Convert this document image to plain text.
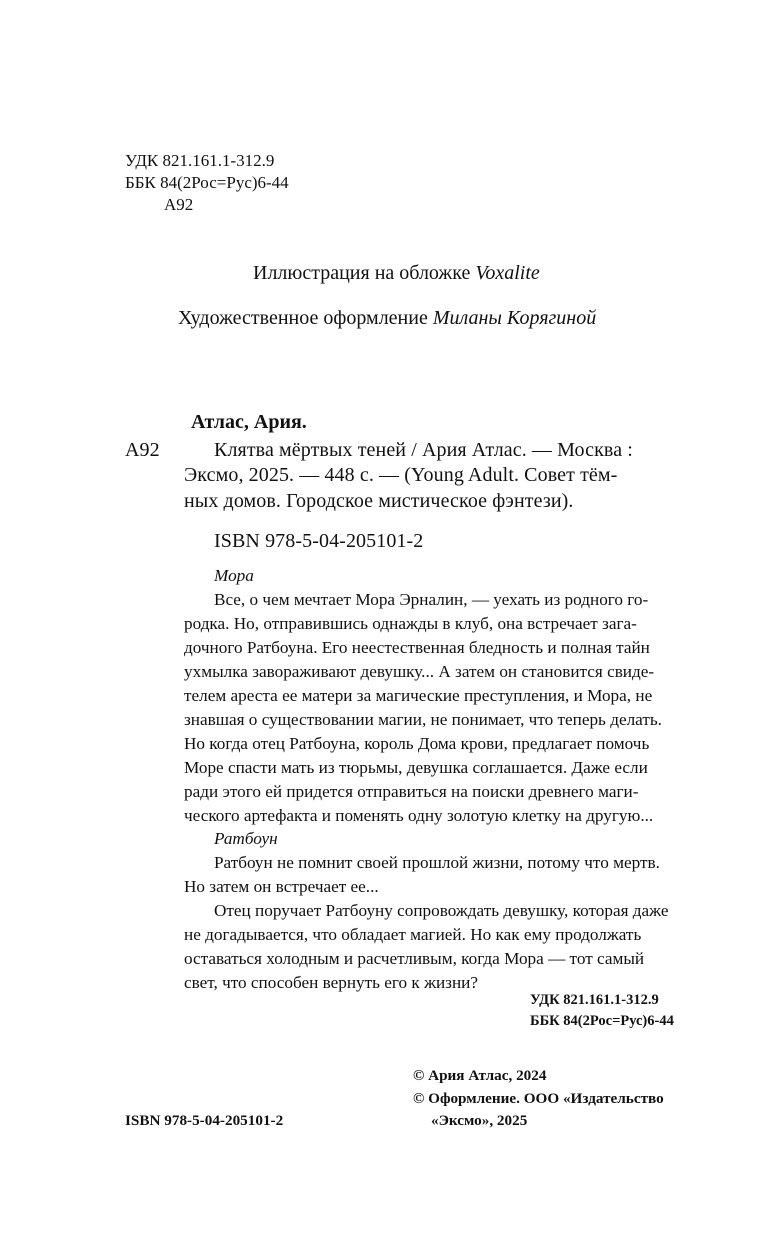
УДК 821.161.1-312.9
ББК 84(2Рос=Рус)6-44
А92
Иллюстрация на обложке Voxalite
Художественное оформление Миланы Корягиной
Атлас, Ария.
А92	Клятва мёртвых теней / Ария Атлас. — Москва :
Эксмо, 2025. — 448 с. — (Young Adult. Совет тём-
ных домов. Городское мистическое фэнтези).
ISBN 978-5-04-205101-2
Мора
Все, о чем мечтает Мора Эрналин, — уехать из родного го-
родка. Но, отправившись однажды в клуб, она встречает зага-
дочного Ратбоуна. Его неестественная бледность и полная тайн
ухмылка завораживают девушку... А затем он становится свиде-
телем ареста ее матери за магические преступления, и Мора, не
знавшая о существовании магии, не понимает, что теперь делать.
Но когда отец Ратбоуна, король Дома крови, предлагает помочь
Море спасти мать из тюрьмы, девушка соглашается. Даже если
ради этого ей придется отправиться на поиски древнего маги-
ческого артефакта и поменять одну золотую клетку на другую...
Ратбоун
Ратбоун не помнит своей прошлой жизни, потому что мертв.
Но затем он встречает ее...
Отец поручает Ратбоуну сопровождать девушку, которая даже
не догадывается, что обладает магией. Но как ему продолжать
оставаться холодным и расчетливым, когда Мора — тот самый
свет, что способен вернуть его к жизни?
УДК 821.161.1-312.9
ББК 84(2Рос=Рус)6-44
© Ария Атлас, 2024
© Оформление. ООО «Издательство
«Эксмо», 2025
ISBN 978-5-04-205101-2
